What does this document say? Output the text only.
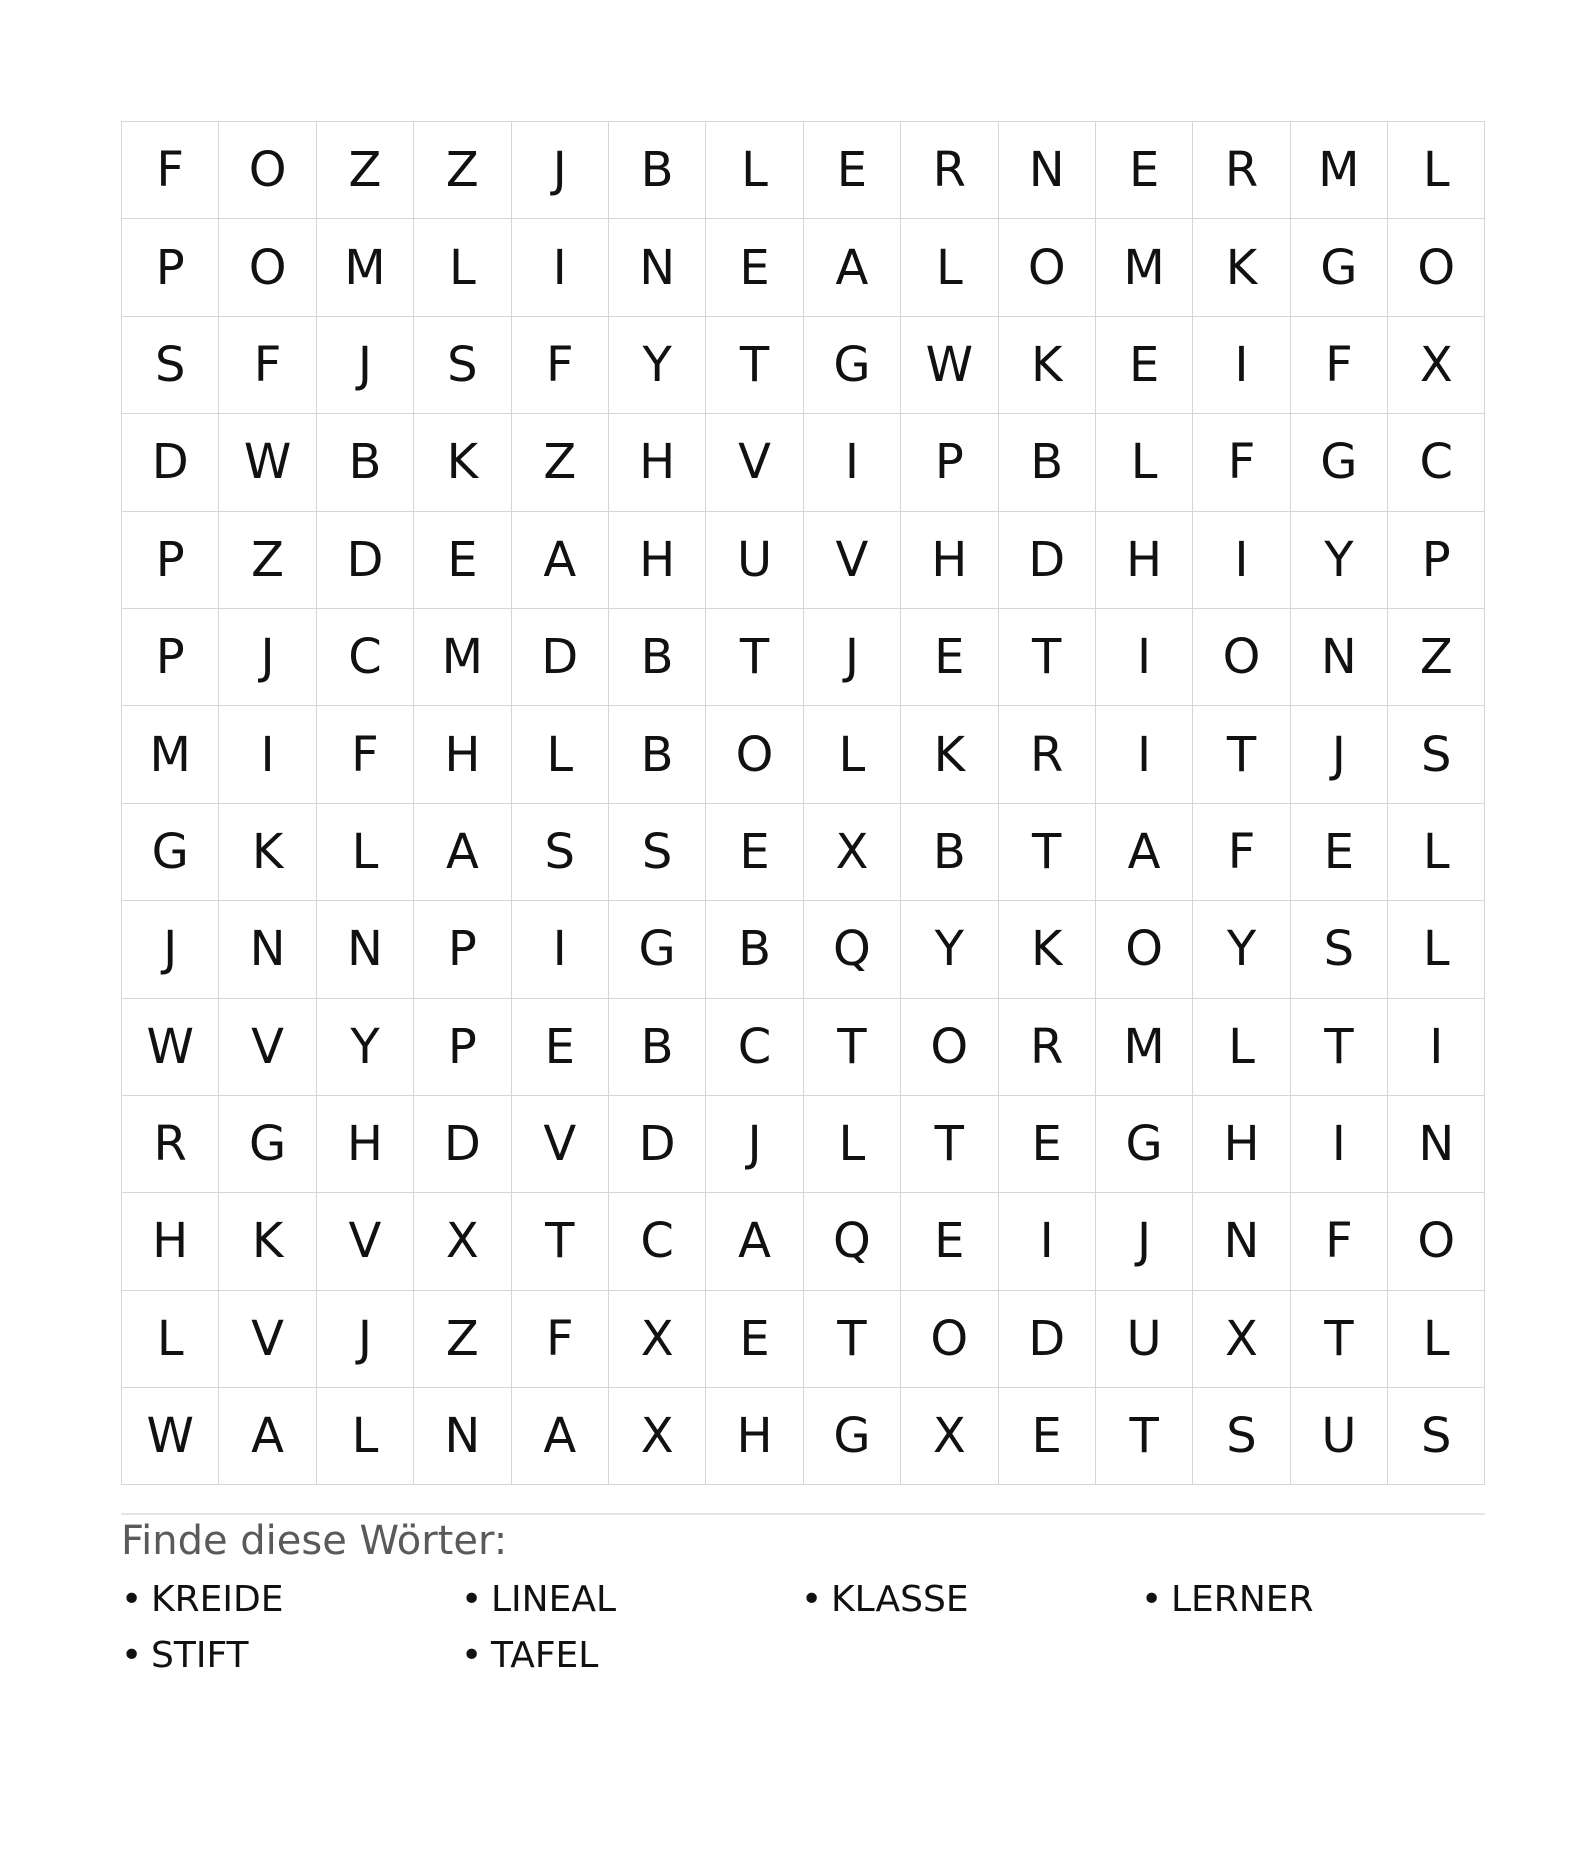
F	O	Z	Z	J	B	L	E	R	N	E	R	M	L
P	O	M	L	I	N	E	A	L	O	M	K	G	O
S	F	J	S	F	Y	T	G	W	K	E	I	F	X
D	W	B	K	Z	H	V	I	P	B	L	F	G	C
P	Z	D	E	A	H	U	V	H	D	H	I	Y	P
P	J	C	M	D	B	T	J	E	T	I	O	N	Z
M	I	F	H	L	B	O	L	K	R	I	T	J	S
G	K	L	A	S	S	E	X	B	T	A	F	E	L
J	N	N	P	I	G	B	Q	Y	K	O	Y	S	L
W	V	Y	P	E	B	C	T	O	R	M	L	T	I
R	G	H	D	V	D	J	L	T	E	G	H	I	N
H	K	V	X	T	C	A	Q	E	I	J	N	F	O
L	V	J	Z	F	X	E	T	O	D	U	X	T	L
W	A	L	N	A	X	H	G	X	E	T	S	U	S
Finde diese Wörter:
• KREIDE	• LINEAL	• KLASSE	• LERNER
• STIFT	• TAFEL
